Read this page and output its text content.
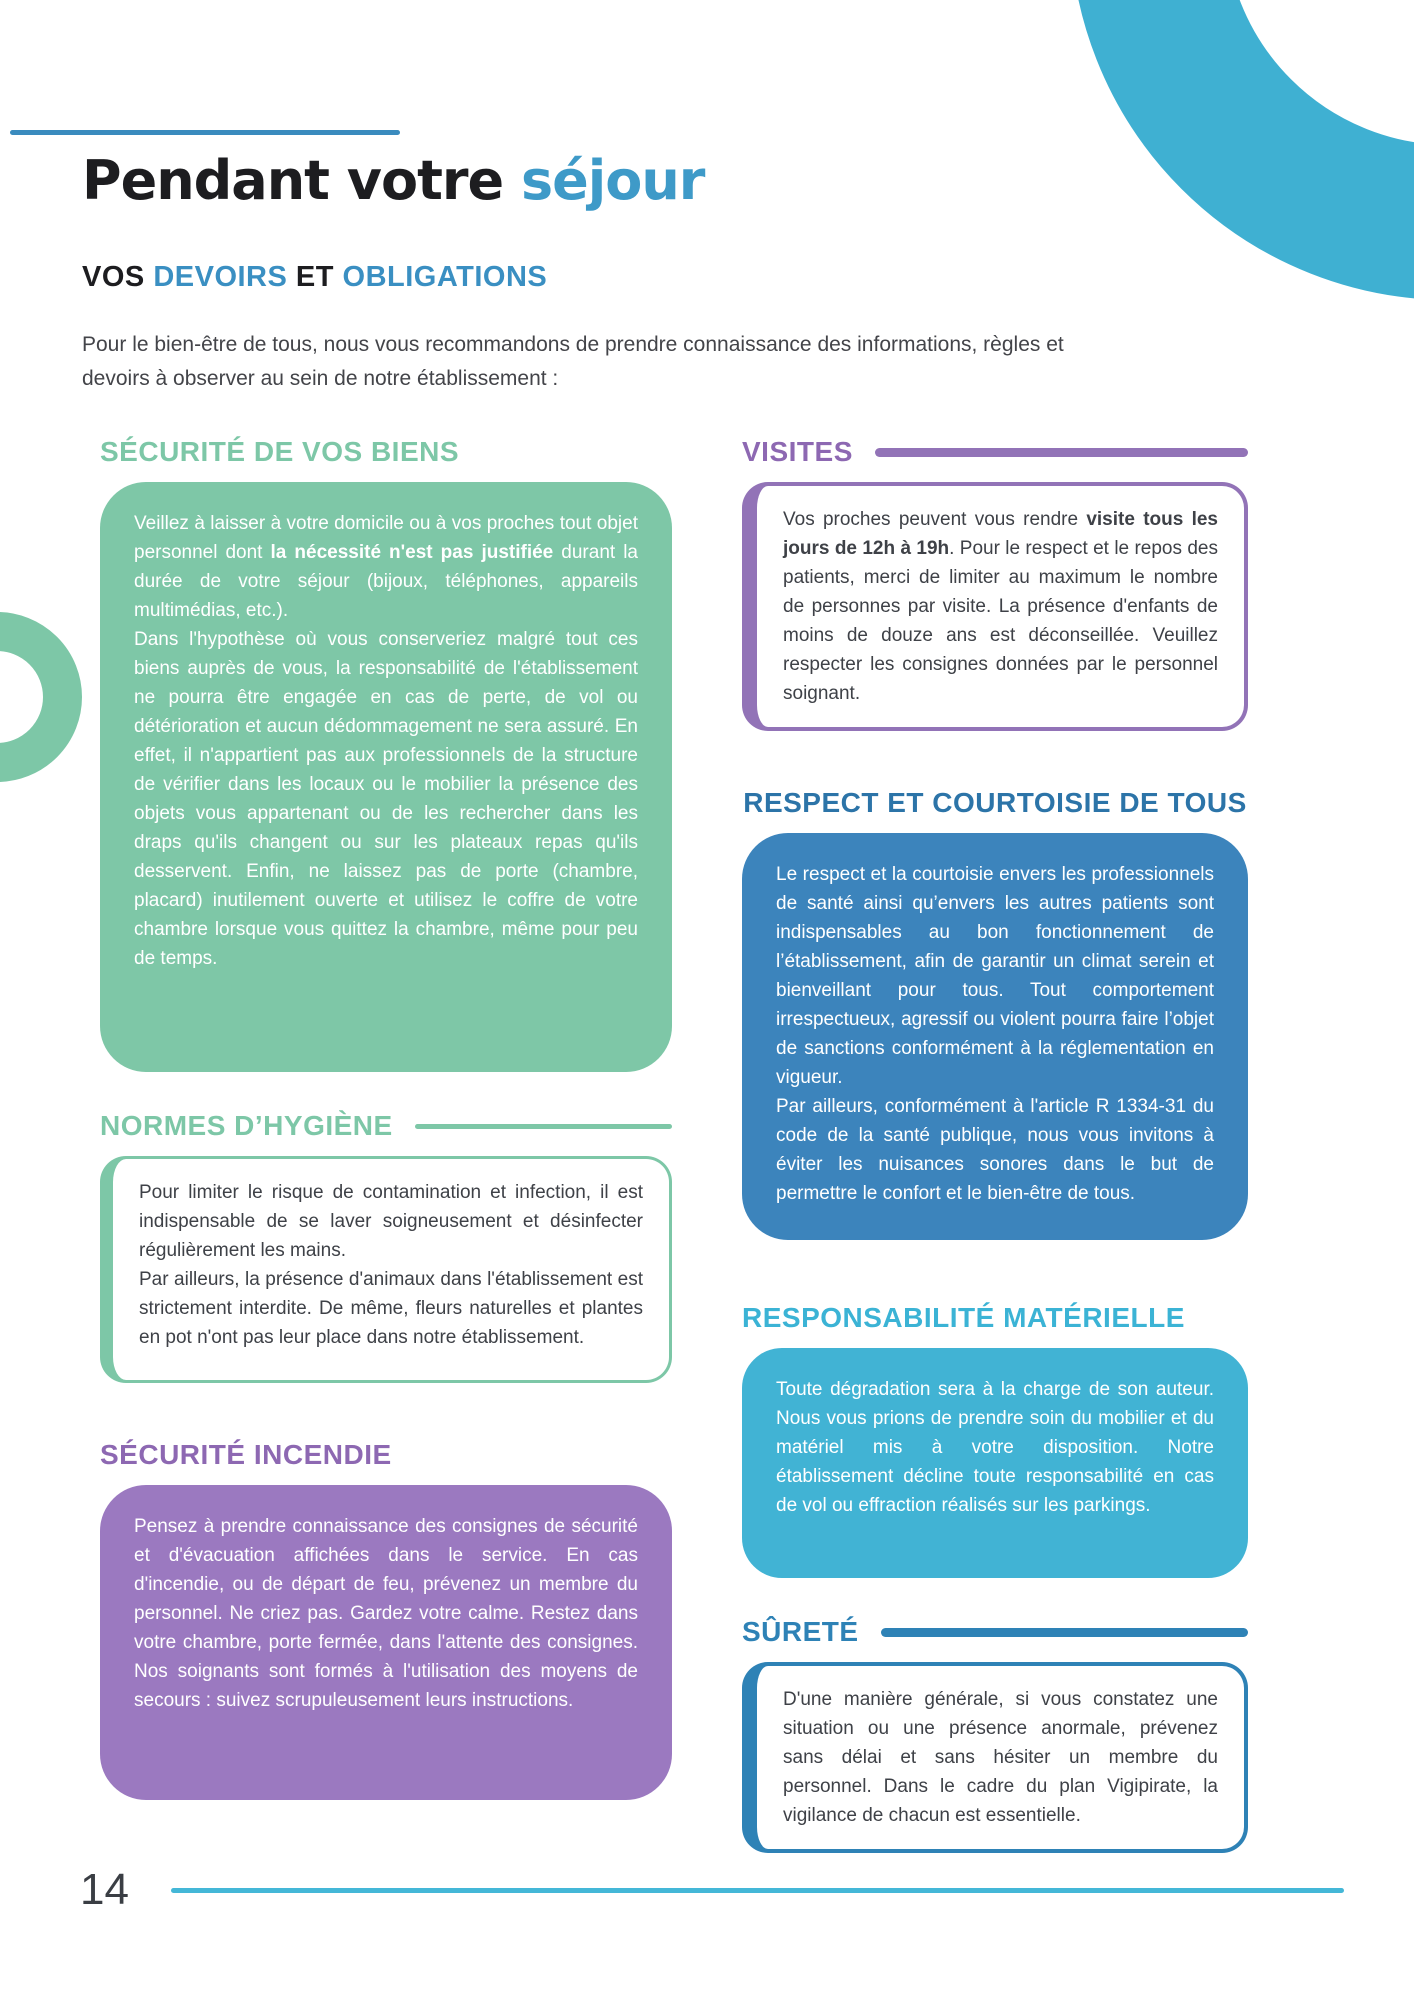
Pendant votre séjour
VOS DEVOIRS ET OBLIGATIONS

Pour le bien-être de tous, nous vous recommandons de prendre connaissance des informations, règles et devoirs à observer au sein de notre établissement :

SÉCURITÉ DE VOS BIENS

Veillez à laisser à votre domicile ou à vos proches tout objet personnel dont la nécessité n'est pas justifiée durant la durée de votre séjour (bijoux, téléphones, appareils multimédias, etc.).

Dans l'hypothèse où vous conserveriez malgré tout ces biens auprès de vous, la responsabilité de l'établissement ne pourra être engagée en cas de perte, de vol ou détérioration et aucun dédommagement ne sera assuré. En effet, il n'appartient pas aux professionnels de la structure de vérifier dans les locaux ou le mobilier la présence des objets vous appartenant ou de les rechercher dans les draps qu'ils changent ou sur les plateaux repas qu'ils desservent. Enfin, ne laissez pas de porte (chambre, placard) inutilement ouverte et utilisez le coffre de votre chambre lorsque vous quittez la chambre, même pour peu de temps.

NORMES D’HYGIÈNE

Pour limiter le risque de contamination et infection, il est indispensable de se laver soigneusement et désinfecter régulièrement les mains.

Par ailleurs, la présence d'animaux dans l'établissement est strictement interdite. De même, fleurs naturelles et plantes en pot n'ont pas leur place dans notre établissement.

SÉCURITÉ INCENDIE

Pensez à prendre connaissance des consignes de sécurité et d'évacuation affichées dans le service. En cas d'incendie, ou de départ de feu, prévenez un membre du personnel. Ne criez pas. Gardez votre calme. Restez dans votre chambre, porte fermée, dans l'attente des consignes. Nos soignants sont formés à l'utilisation des moyens de secours : suivez scrupuleusement leurs instructions.

VISITES

Vos proches peuvent vous rendre visite tous les jours de 12h à 19h. Pour le respect et le repos des patients, merci de limiter au maximum le nombre de personnes par visite. La présence d'enfants de moins de douze ans est déconseillée. Veuillez respecter les consignes données par le personnel soignant.

RESPECT ET COURTOISIE DE TOUS

Le respect et la courtoisie envers les professionnels de santé ainsi qu’envers les autres patients sont indispensables au bon fonctionnement de l’établissement, afin de garantir un climat serein et bienveillant pour tous. Tout comportement irrespectueux, agressif ou violent pourra faire l’objet de sanctions conformément à la réglementation en vigueur.

Par ailleurs, conformément à l'article R 1334-31 du code de la santé publique, nous vous invitons à éviter les nuisances sonores dans le but de permettre le confort et le bien-être de tous.

RESPONSABILITÉ MATÉRIELLE

Toute dégradation sera à la charge de son auteur. Nous vous prions de prendre soin du mobilier et du matériel mis à votre disposition. Notre établissement décline toute responsabilité en cas de vol ou effraction réalisés sur les parkings.

SÛRETÉ

D'une manière générale, si vous constatez une situation ou une présence anormale, prévenez sans délai et sans hésiter un membre du personnel. Dans le cadre du plan Vigipirate, la vigilance de chacun est essentielle.

14
